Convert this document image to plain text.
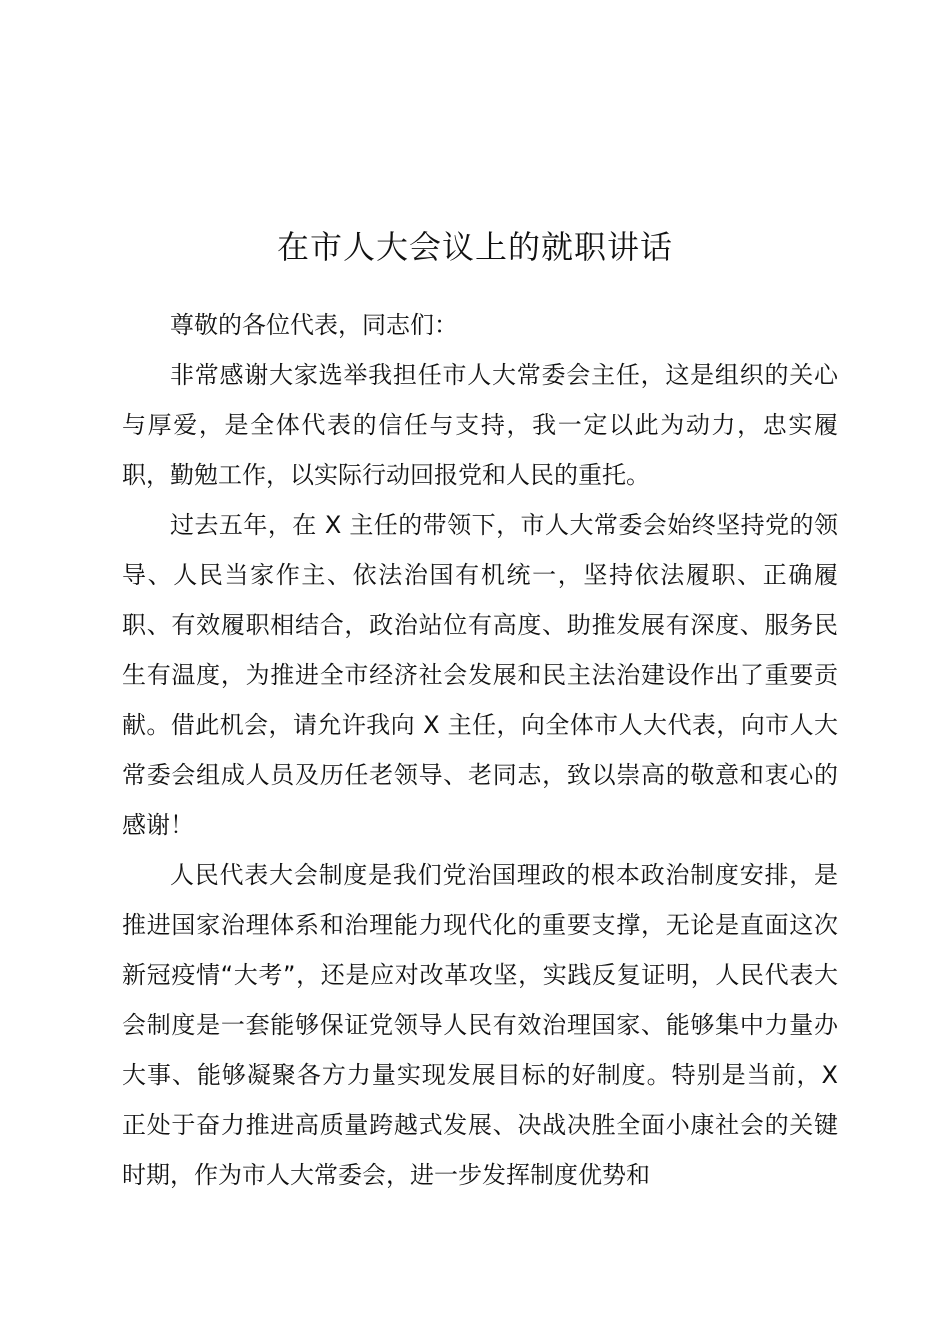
在市人大会议上的就职讲话

尊敬的各位代表，同志们：

非常感谢大家选举我担任市人大常委会主任，这是组织的关心与厚爱，是全体代表的信任与支持，我一定以此为动力，忠实履职，勤勉工作，以实际行动回报党和人民的重托。

过去五年，在 X 主任的带领下，市人大常委会始终坚持党的领导、人民当家作主、依法治国有机统一，坚持依法履职、正确履职、有效履职相结合，政治站位有高度、助推发展有深度、服务民生有温度，为推进全市经济社会发展和民主法治建设作出了重要贡献。借此机会，请允许我向 X 主任，向全体市人大代表，向市人大常委会组成人员及历任老领导、老同志，致以崇高的敬意和衷心的感谢！

人民代表大会制度是我们党治国理政的根本政治制度安排，是推进国家治理体系和治理能力现代化的重要支撑，无论是直面这次新冠疫情“大考”，还是应对改革攻坚，实践反复证明，人民代表大会制度是一套能够保证党领导人民有效治理国家、能够集中力量办大事、能够凝聚各方力量实现发展目标的好制度。特别是当前，X 正处于奋力推进高质量跨越式发展、决战决胜全面小康社会的关键时期，作为市人大常委会，进一步发挥制度优势和
